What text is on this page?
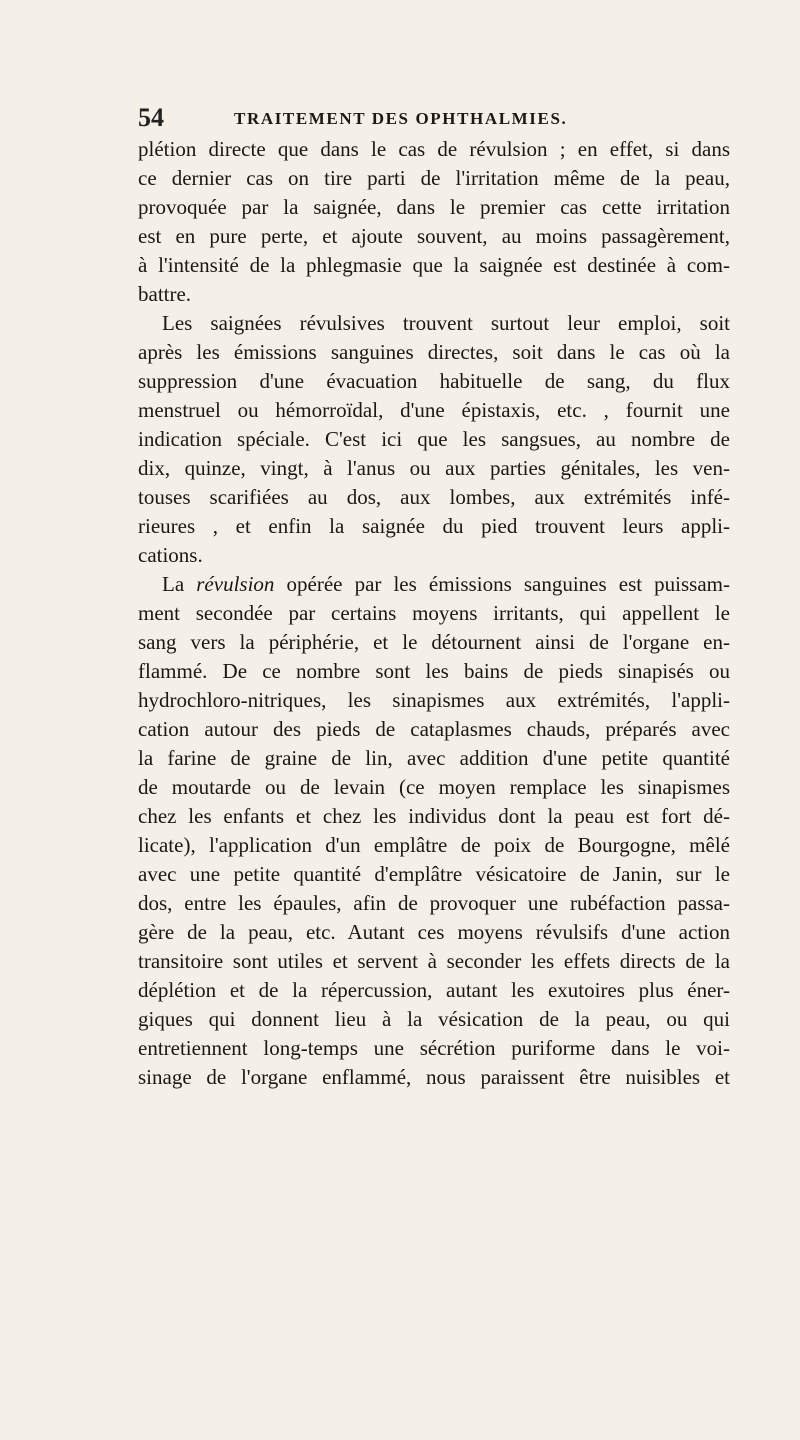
54	TRAITEMENT DES OPHTHALMIES.
plétion directe que dans le cas de révulsion ; en effet, si dans
ce dernier cas on tire parti de l'irritation même de la peau,
provoquée par la saignée, dans le premier cas cette irritation
est en pure perte, et ajoute souvent, au moins passagèrement,
à l'intensité de la phlegmasie que la saignée est destinée à com-
battre.
Les saignées révulsives trouvent surtout leur emploi, soit
après les émissions sanguines directes, soit dans le cas où la
suppression d'une évacuation habituelle de sang, du flux
menstruel ou hémorroïdal, d'une épistaxis, etc. , fournit une
indication spéciale. C'est ici que les sangsues, au nombre de
dix, quinze, vingt, à l'anus ou aux parties génitales, les ven-
touses scarifiées au dos, aux lombes, aux extrémités infé-
rieures , et enfin la saignée du pied trouvent leurs appli-
cations.
La révulsion opérée par les émissions sanguines est puissam-
ment secondée par certains moyens irritants, qui appellent le
sang vers la périphérie, et le détournent ainsi de l'organe en-
flammé. De ce nombre sont les bains de pieds sinapisés ou
hydrochloro-nitriques, les sinapismes aux extrémités, l'appli-
cation autour des pieds de cataplasmes chauds, préparés avec
la farine de graine de lin, avec addition d'une petite quantité
de moutarde ou de levain (ce moyen remplace les sinapismes
chez les enfants et chez les individus dont la peau est fort dé-
licate), l'application d'un emplâtre de poix de Bourgogne, mêlé
avec une petite quantité d'emplâtre vésicatoire de Janin, sur le
dos, entre les épaules, afin de provoquer une rubéfaction passa-
gère de la peau, etc. Autant ces moyens révulsifs d'une action
transitoire sont utiles et servent à seconder les effets directs de la
déplétion et de la répercussion, autant les exutoires plus éner-
giques qui donnent lieu à la vésication de la peau, ou qui
entretiennent long-temps une sécrétion puriforme dans le voi-
sinage de l'organe enflammé, nous paraissent être nuisibles et
